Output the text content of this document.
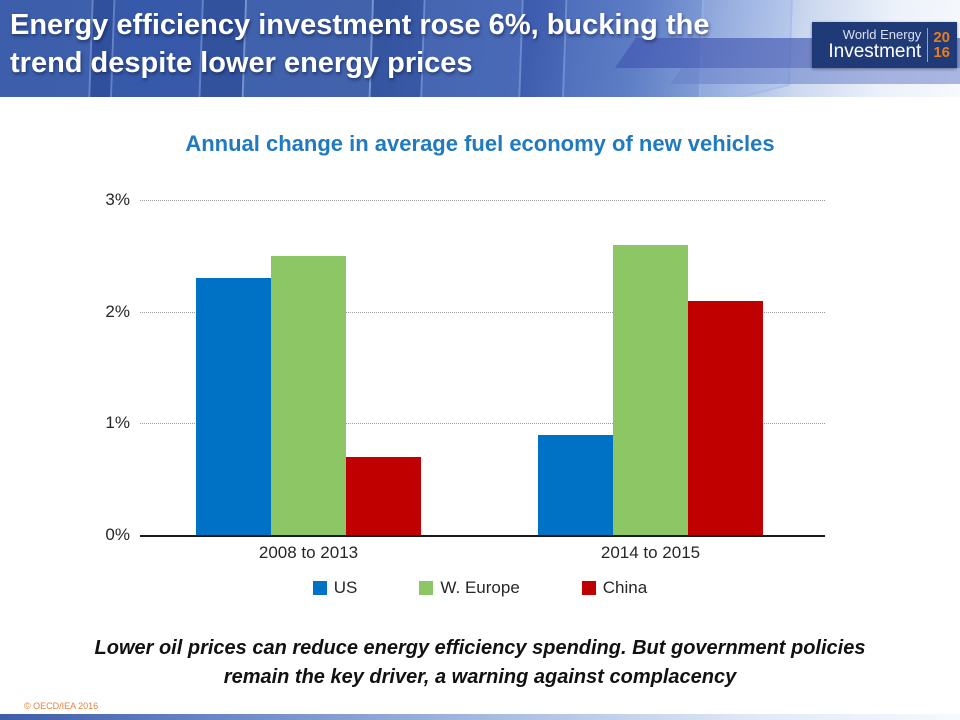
Energy efficiency investment rose 6%, bucking the
trend despite lower energy prices
World Energy
Investment
20
16
Annual change in average fuel economy of new vehicles
0%
1%
2%
3%
2008 to 2013	2014 to 2015
US	W. Europe	China
Lower oil prices can reduce energy efficiency spending. But government policies
remain the key driver, a warning against complacency
© OECD/IEA 2016
